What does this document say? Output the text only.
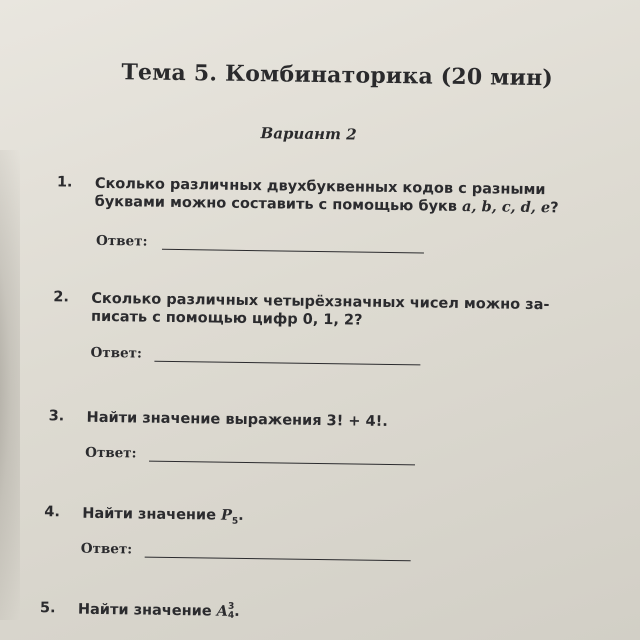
Тема 5. Комбинаторика (20 мин)
Вариант 2
1. Сколько различных двухбуквенных кодов с разными
буквами можно составить с помощью букв a, b, c, d, e?
Ответ:
2. Сколько различных четырёхзначных чисел можно за-
писать с помощью цифр 0, 1, 2?
Ответ:
3. Найти значение выражения 3! + 4!.
Ответ:
4. Найти значение $P_5$.
Ответ:
5. Найти значение A 3
4 .
